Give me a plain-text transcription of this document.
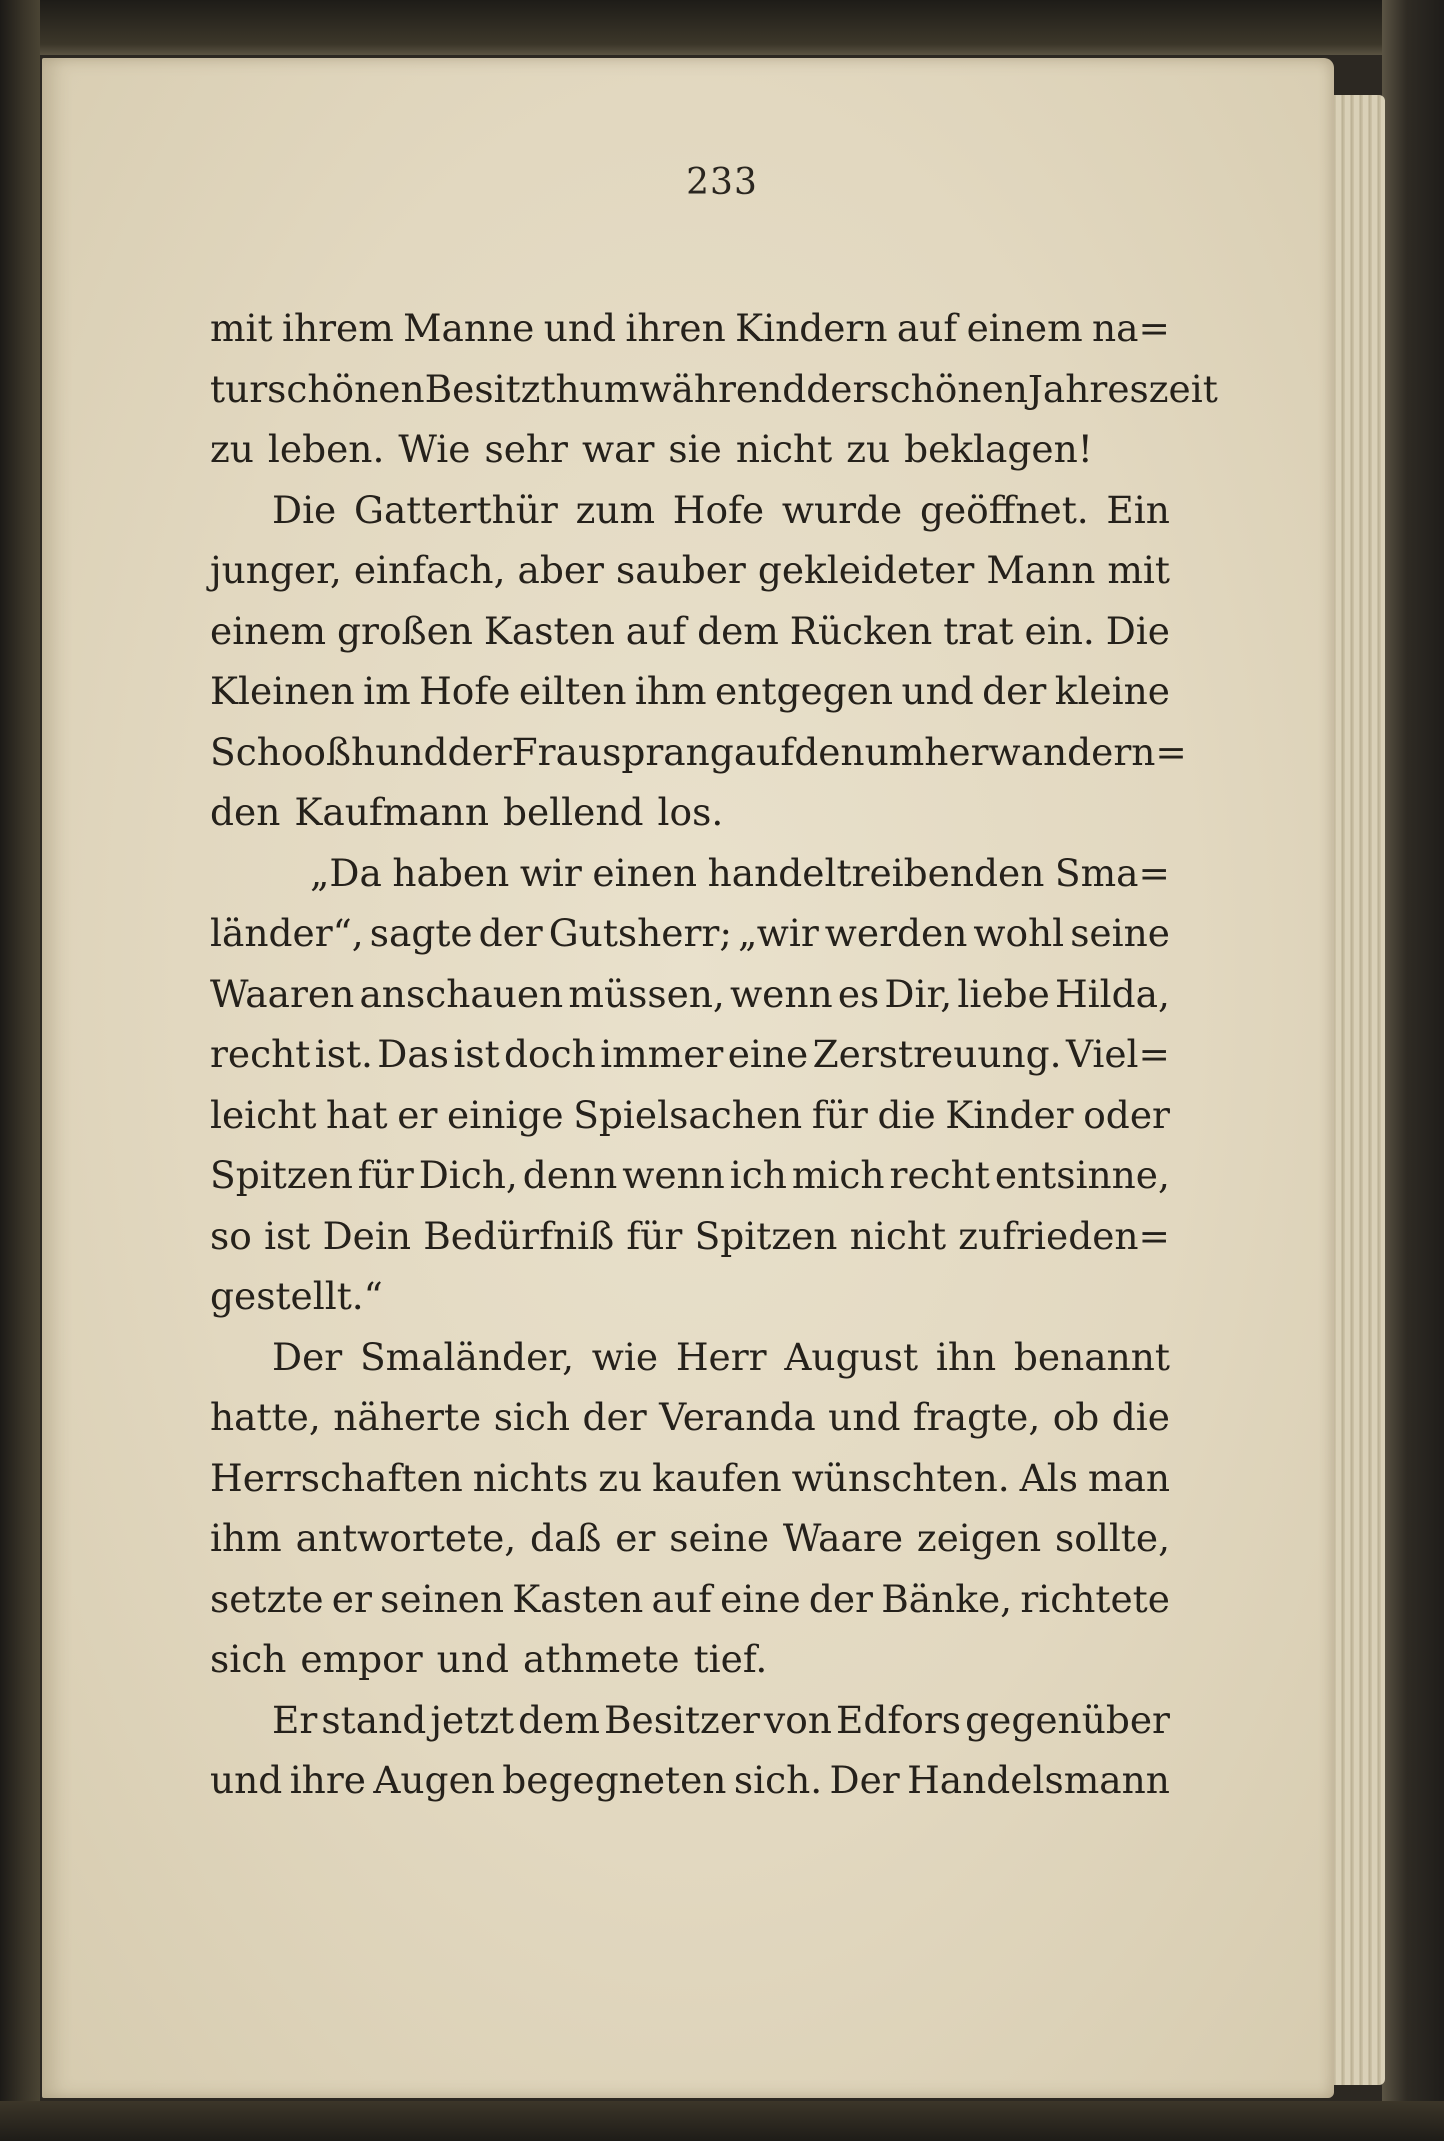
233
mit ihrem Manne und ihren Kindern auf einem na=
turschönen Besitzthum während der schönen Jahreszeit
zu leben. Wie sehr war sie nicht zu beklagen!
Die Gatterthür zum Hofe wurde geöffnet. Ein
junger, einfach, aber sauber gekleideter Mann mit
einem großen Kasten auf dem Rücken trat ein. Die
Kleinen im Hofe eilten ihm entgegen und der kleine
Schooßhund der Frau sprang auf den umherwandern=
den Kaufmann bellend los.
„Da haben wir einen handeltreibenden Sma=
länder“, sagte der Gutsherr; „wir werden wohl seine
Waaren anschauen müssen, wenn es Dir, liebe Hilda,
recht ist. Das ist doch immer eine Zerstreuung. Viel=
leicht hat er einige Spielsachen für die Kinder oder
Spitzen für Dich, denn wenn ich mich recht entsinne,
so ist Dein Bedürfniß für Spitzen nicht zufrieden=
gestellt.“
Der Smaländer, wie Herr August ihn benannt
hatte, näherte sich der Veranda und fragte, ob die
Herrschaften nichts zu kaufen wünschten. Als man
ihm antwortete, daß er seine Waare zeigen sollte,
setzte er seinen Kasten auf eine der Bänke, richtete
sich empor und athmete tief.
Er stand jetzt dem Besitzer von Edfors gegenüber
und ihre Augen begegneten sich. Der Handelsmann
